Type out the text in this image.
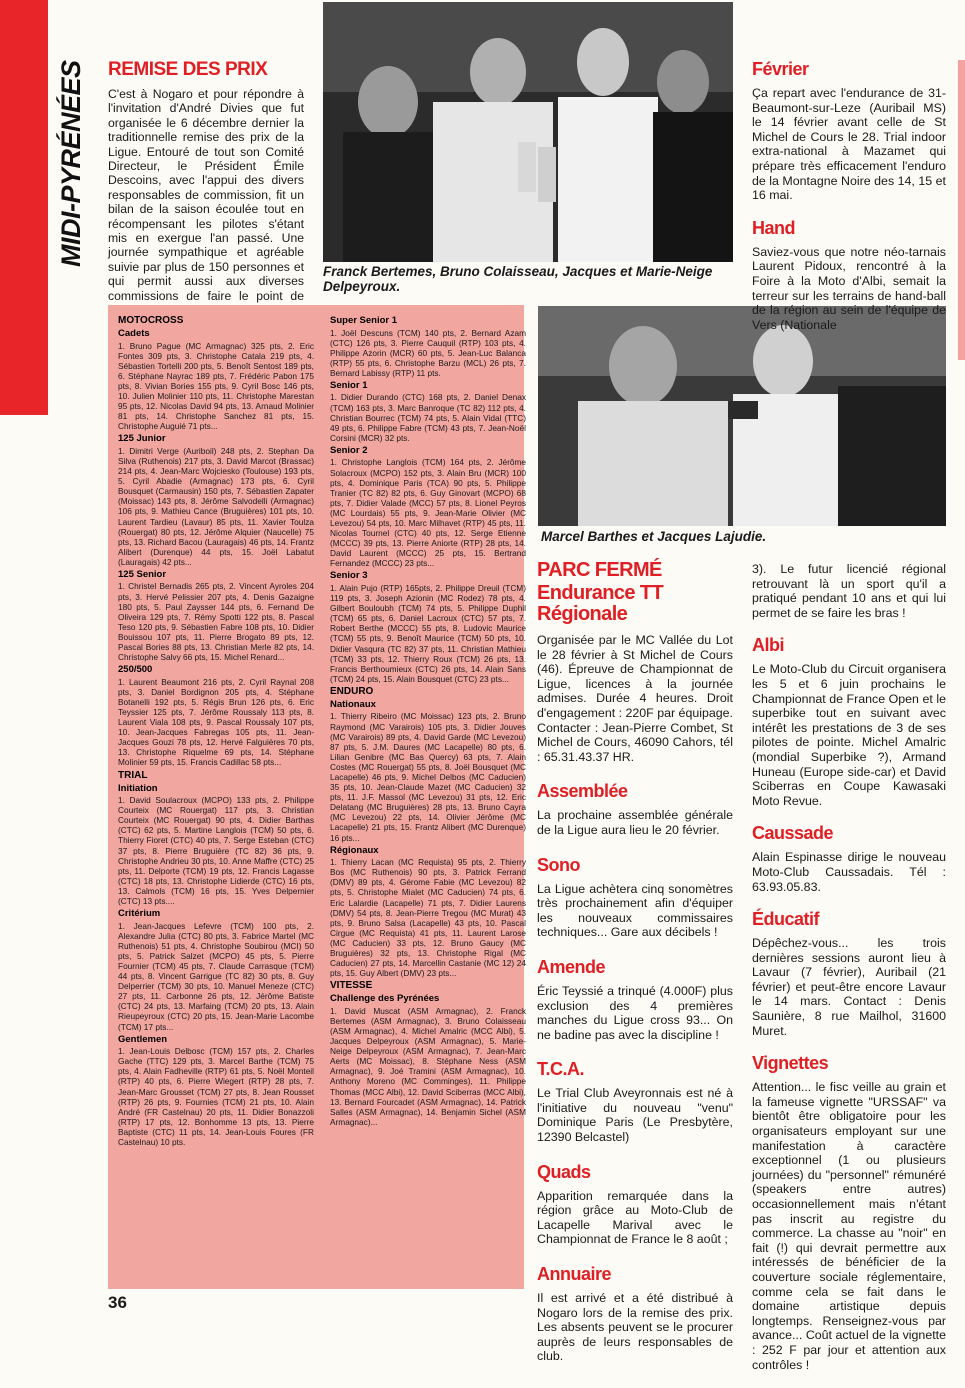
MIDI-PYRÉNÉES REMISE DES PRIX

C'est à Nogaro et pour répondre à l'invitation d'André Divies que fut organisée le 6 décembre dernier la traditionnelle remise des prix de la Ligue. Entouré de tout son Comité Directeur, le Président Émile Descoins, avec l'appui des divers responsables de commission, fit un bilan de la saison écoulée tout en récompensant les pilotes s'étant mis en exergue l'an passé. Une journée sympathique et agréable suivie par plus de 150 personnes et qui permit aussi aux diverses commissions de faire le point de

Franck Bertemes, Bruno Colaisseau, Jacques et Marie-Neige Delpeyroux.
MOTOCROSS
Cadets

1. Bruno Pague (MC Armagnac) 325 pts, 2. Eric Fontes 309 pts, 3. Christophe Catala 219 pts, 4. Sébastien Tortelli 200 pts, 5. Benoît Sentost 189 pts, 6. Stéphane Nayrac 189 pts, 7. Frédéric Pabon 175 pts, 8. Vivian Bories 155 pts, 9. Cyril Bosc 146 pts, 10. Julien Molinier 110 pts, 11. Christophe Marestan 95 pts, 12. Nicolas David 94 pts, 13. Arnaud Molinier 81 pts, 14. Christophe Sanchez 81 pts, 15. Christophe Auguié 71 pts...

125 Junior

1. Dimitri Verge (Auriboil) 248 pts, 2. Stephan Da Silva (Ruthenois) 217 pts, 3. David Marcot (Brassac) 214 pts, 4. Jean-Marc Wojciesko (Toulouse) 193 pts, 5. Cyril Abadie (Armagnac) 173 pts, 6. Cyril Bousquet (Carmausin) 150 pts, 7. Sébastien Zapater (Moissac) 143 pts, 8. Jérôme Salvodelli (Armagnac) 106 pts, 9. Mathieu Cance (Bruguières) 101 pts, 10. Laurent Tardieu (Lavaur) 85 pts, 11. Xavier Toulza (Rouergat) 80 pts, 12. Jérôme Alquier (Naucelle) 75 pts, 13. Richard Bacou (Lauragais) 46 pts, 14. Frantz Alibert (Durenque) 44 pts, 15. Joël Labatut (Lauragais) 42 pts...

125 Senior

1. Christel Bernadis 265 pts, 2. Vincent Ayroles 204 pts, 3. Hervé Pelissier 207 pts, 4. Denis Gazaigne 180 pts, 5. Paul Zaysser 144 pts, 6. Fernand De Oliveira 129 pts, 7. Rémy Spotti 122 pts, 8. Pascal Teso 120 pts, 9. Sébastien Fabre 108 pts, 10. Didier Bouissou 107 pts, 11. Pierre Brogato 89 pts, 12. Pascal Bories 88 pts, 13. Christian Merle 82 pts, 14. Christophe Salvy 66 pts, 15. Michel Renard...

250/500

1. Laurent Beaumont 216 pts, 2. Cyril Raynal 208 pts, 3. Daniel Bordignon 205 pts, 4. Stéphane Botanelli 192 pts, 5. Régis Brun 126 pts, 6. Eric Teyssier 125 pts, 7. Jérôme Roussaly 113 pts, 8. Laurent Viala 108 pts, 9. Pascal Roussaly 107 pts, 10. Jean-Jacques Fabregas 105 pts, 11. Jean-Jacques Gouzi 78 pts, 12. Hervé Falguières 70 pts, 13. Christophe Riquelme 69 pts, 14. Stéphane Molinier 59 pts, 15. Francis Cadillac 58 pts...

TRIAL
Initiation

1. David Soulacroux (MCPO) 133 pts, 2. Philippe Courteix (MC Rouergat) 117 pts, 3. Christian Courteix (MC Rouergat) 90 pts, 4. Didier Barthas (CTC) 62 pts, 5. Martine Langlois (TCM) 50 pts, 6. Thierry Fioret (CTC) 40 pts, 7. Serge Esteban (CTC) 37 pts, 8. Pierre Bruguière (TC 82) 36 pts, 9. Christophe Andrieu 30 pts, 10. Anne Maffre (CTC) 25 pts, 11. Delporte (TCM) 19 pts, 12. Francis Lagasse (CTC) 18 pts, 13. Christophe Lidierde (CTC) 16 pts, 13. Calmols (TCM) 16 pts, 15. Yves Delpernier (CTC) 13 pts....

Critérium

1. Jean-Jacques Lefevre (TCM) 100 pts, 2. Alexandre Julia (CTC) 80 pts, 3. Fabrice Martel (MC Ruthenois) 51 pts, 4. Christophe Soubirou (MCI) 50 pts, 5. Patrick Salzet (MCPO) 45 pts, 5. Pierre Fournier (TCM) 45 pts, 7. Claude Carrasque (TCM) 44 pts, 8. Vincent Garrigue (TC 82) 30 pts, 8. Guy Delperrier (TCM) 30 pts, 10. Manuel Meneze (CTC) 27 pts, 11. Carbonne 26 pts, 12. Jérôme Batiste (CTC) 24 pts, 13. Marfaing (TCM) 20 pts, 13. Alain Rieupeyroux (CTC) 20 pts, 15. Jean-Marie Lacombe (TCM) 17 pts...

Gentlemen

1. Jean-Louis Delbosc (TCM) 157 pts, 2. Charles Gache (TTC) 129 pts, 3. Marcel Barthe (TCM) 75 pts, 4. Alain Fadheville (RTP) 61 pts, 5. Noël Monteil (RTP) 40 pts, 6. Pierre Wiegert (RTP) 28 pts, 7. Jean-Marc Grousset (TCM) 27 pts, 8. Jean Rousset (RTP) 26 pts, 9. Fournies (TCM) 21 pts, 10. Alain André (FR Castelnau) 20 pts, 11. Didier Bonazzoli (RTP) 17 pts, 12. Bonhomme 13 pts, 13. Pierre Baptiste (CTC) 11 pts, 14. Jean-Louis Foures (FR Castelnau) 10 pts.

Super Senior 1

1. Joël Descuns (TCM) 140 pts, 2. Bernard Azam (CTC) 126 pts, 3. Pierre Cauquil (RTP) 103 pts, 4. Philippe Azorin (MCR) 60 pts, 5. Jean-Luc Balanca (RTP) 55 pts, 6. Christophe Barzu (MCL) 26 pts, 7. Bernard Labissy (RTP) 11 pts.

Senior 1

1. Didier Durando (CTC) 168 pts, 2. Daniel Denax (TCM) 163 pts, 3. Marc Banroque (TC 82) 112 pts, 4. Christian Bourrec (TCM) 74 pts, 5. Alain Vidal (TTC) 49 pts, 6. Philippe Fabre (TCM) 43 pts, 7. Jean-Noël Corsini (MCR) 32 pts.

Senior 2

1. Christophe Langlois (TCM) 164 pts, 2. Jérôme Solacroux (MCPO) 152 pts, 3. Alain Bru (MCR) 100 pts, 4. Dominique Paris (TCA) 90 pts, 5. Philippe Tranier (TC 82) 82 pts, 6. Guy Ginovart (MCPO) 68 pts, 7. Didier Valade (MCC) 57 pts, 8. Lionel Peyros (MC Lourdais) 55 pts, 9. Jean-Marie Olivier (MC Levezou) 54 pts, 10. Marc Milhavet (RTP) 45 pts, 11. Nicolas Tournel (CTC) 40 pts, 12. Serge Etienne (MCCC) 39 pts, 13. Pierre Aniorte (RTP) 28 pts, 14. David Laurent (MCCC) 25 pts, 15. Bertrand Fernandez (MCCC) 23 pts...

Senior 3

1. Alain Pujo (RTP) 165pts, 2. Philippe Dreuil (TCM) 119 pts, 3. Joseph Azionin (MC Rodez) 78 pts, 4. Gilbert Bouloubh (TCM) 74 pts, 5. Philippe Duphil (TCM) 65 pts, 6. Daniel Lacroux (CTC) 57 pts, 7. Robert Berthe (MCCC) 55 pts, 8. Ludovic Maurice (TCM) 55 pts, 9. Benoît Maurice (TCM) 50 pts, 10. Didier Vasqura (TC 82) 37 pts, 11. Christian Mathieu (TCM) 33 pts, 12. Thierry Roux (TCM) 26 pts, 13. Francis Berthoumieux (CTC) 26 pts, 14. Alain Sans (TCM) 24 pts, 15. Alain Bousquet (CTC) 23 pts...

ENDURO
Nationaux

1. Thierry Ribeiro (MC Moissac) 123 pts, 2. Bruno Raymond (MC Varairois) 105 pts, 3. Didier Jouves (MC Varairois) 89 pts, 4. David Garde (MC Levezou) 87 pts, 5. J.M. Daures (MC Lacapelle) 80 pts, 6. Lilian Genibre (MC Bas Quercy) 63 pts, 7. Alain Costes (MC Rouergat) 55 pts, 8. Joël Bousquet (MC Lacapelle) 46 pts, 9. Michel Delbos (MC Caducien) 35 pts, 10. Jean-Claude Mazet (MC Caducien) 32 pts, 11. J.F. Massol (MC Levezou) 31 pts, 12. Eric Delatang (MC Bruguières) 28 pts, 13. Bruno Cayra (MC Levezou) 22 pts, 14. Olivier Jérôme (MC Lacapelle) 21 pts, 15. Frantz Alibert (MC Durenque) 16 pts...

Régionaux

1. Thierry Lacan (MC Requista) 95 pts, 2. Thierry Bos (MC Ruthenois) 90 pts, 3. Patrick Ferrand (DMV) 89 pts, 4. Gérome Fabie (MC Levezou) 82 pts, 5. Christophe Mialet (MC Caducien) 74 pts, 6. Eric Lalardie (Lacapelle) 71 pts, 7. Didier Laurens (DMV) 54 pts, 8. Jean-Pierre Tregou (MC Murat) 43 pts, 9. Bruno Salsa (Lacapelle) 43 pts, 10. Pascal Cirgue (MC Requista) 41 pts, 11. Laurent Larose (MC Caducien) 33 pts, 12. Bruno Gaucy (MC Bruguières) 32 pts, 13. Christophe Rigal (MC Caducien) 27 pts, 14. Marcellin Castanie (MC 12) 24 pts, 15. Guy Albert (DMV) 23 pts...

VITESSE
Challenge des Pyrénées

1. David Muscat (ASM Armagnac), 2. Franck Bertemes (ASM Armagnac), 3. Bruno Colaisseau (ASM Armagnac), 4. Michel Amalric (MCC Albi), 5. Jacques Delpeyroux (ASM Armagnac), 5. Marie-Neige Delpeyroux (ASM Armagnac), 7. Jean-Marc Aerts (MC Moissac), 8. Stéphane Ness (ASM Armagnac), 9. Joé Tramini (ASM Armagnac), 10. Anthony Moreno (MC Comminges), 11. Philippe Thomas (MCC Albi), 12. David Sciberras (MCC Albi), 13. Bernard Fourcadet (ASM Armagnac), 14. Patrick Salles (ASM Armagnac), 14. Benjamin Sichel (ASM Armagnac)...

Marcel Barthes et Jacques Lajudie.
PARC FERMÉ
Endurance TT Régionale

Organisée par le MC Vallée du Lot le 28 février à St Michel de Cours (46). Épreuve de Championnat de Ligue, licences à la journée admises. Durée 4 heures. Droit d'engagement : 220F par équipage. Contacter : Jean-Pierre Combet, St Michel de Cours, 46090 Cahors, tél : 65.31.43.37 HR.

Assemblée

La prochaine assemblée générale de la Ligue aura lieu le 20 février.

Sono

La Ligue achètera cinq sonomètres très prochainement afin d'équiper les nouveaux commissaires techniques... Gare aux décibels !

Amende

Éric Teyssié a trinqué (4.000F) plus exclusion des 4 premières manches du Ligue cross 93... On ne badine pas avec la discipline !

T.C.A.

Le Trial Club Aveyronnais est né à l'initiative du nouveau "venu" Dominique Paris (Le Presbytère, 12390 Belcastel)

Quads

Apparition remarquée dans la région grâce au Moto-Club de Lacapelle Marival avec le Championnat de France le 8 août ;

Annuaire

Il est arrivé et a été distribué à Nogaro lors de la remise des prix. Les absents peuvent se le procurer auprès de leurs responsables de club.

Février

Ça repart avec l'endurance de 31-Beaumont-sur-Leze (Auribail MS) le 14 février avant celle de St Michel de Cours le 28. Trial indoor extra-national à Mazamet qui prépare très efficacement l'enduro de la Montagne Noire des 14, 15 et 16 mai.

Hand

Saviez-vous que notre néo-tarnais Laurent Pidoux, rencontré à la Foire à la Moto d'Albi, semait la terreur sur les terrains de hand-ball de la région au sein de l'équipe de Vers (Nationale

3). Le futur licencié régional retrouvant là un sport qu'il a pratiqué pendant 10 ans et qui lui permet de se faire les bras !

Albi

Le Moto-Club du Circuit organisera les 5 et 6 juin prochains le Championnat de France Open et le superbike tout en suivant avec intérêt les prestations de 3 de ses pilotes de pointe. Michel Amalric (mondial Superbike ?), Armand Huneau (Europe side-car) et David Sciberras en Coupe Kawasaki Moto Revue.

Caussade

Alain Espinasse dirige le nouveau Moto-Club Caussadais. Tél : 63.93.05.83.

Éducatif

Dépêchez-vous... les trois dernières sessions auront lieu à Lavaur (7 février), Auribail (21 février) et peut-être encore Lavaur le 14 mars. Contact : Denis Saunière, 8 rue Mailhol, 31600 Muret.

Vignettes

Attention... le fisc veille au grain et la fameuse vignette "URSSAF" va bientôt être obligatoire pour les organisateurs employant sur une manifestation à caractère exceptionnel (1 ou plusieurs journées) du "personnel" rémunéré (speakers entre autres) occasionnellement mais n'étant pas inscrit au registre du commerce. La chasse au "noir" en fait (!) qui devrait permettre aux intéressés de bénéficier de la couverture sociale réglementaire, comme cela se fait dans le domaine artistique depuis longtemps. Renseignez-vous par avance... Coût actuel de la vignette : 252 F par jour et attention aux contrôles !

36
